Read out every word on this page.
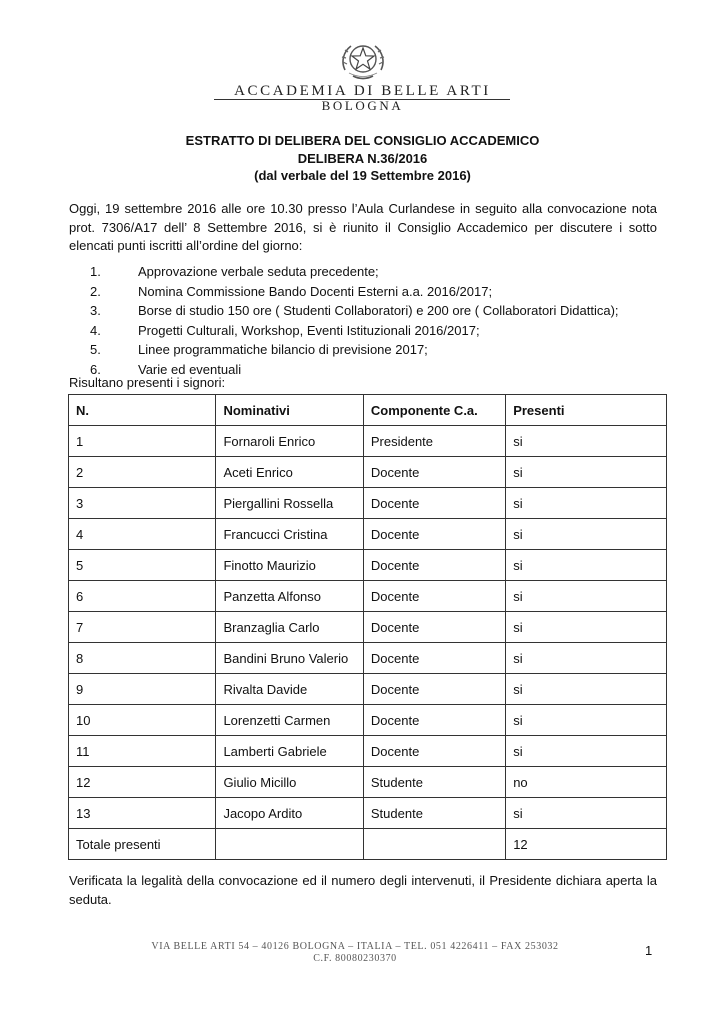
ACCADEMIA DI BELLE ARTI
BOLOGNA
ESTRATTO DI DELIBERA DEL CONSIGLIO ACCADEMICO
DELIBERA N.36/2016
(dal verbale del 19 Settembre 2016)
Oggi, 19 settembre 2016 alle ore 10.30 presso l’Aula Curlandese in seguito alla convocazione nota prot. 7306/A17 dell’ 8 Settembre 2016, si è riunito il Consiglio Accademico per discutere i sotto elencati punti iscritti all’ordine del giorno:
1.	Approvazione verbale seduta precedente;
2.	Nomina Commissione Bando Docenti Esterni a.a. 2016/2017;
3.	Borse di studio 150 ore ( Studenti Collaboratori) e 200 ore ( Collaboratori Didattica);
4.	Progetti Culturali, Workshop, Eventi Istituzionali 2016/2017;
5.	Linee programmatiche bilancio di previsione 2017;
6.	Varie ed eventuali
Risultano presenti i signori:
N.	Nominativi	Componente C.a.	Presenti
1	Fornaroli Enrico	Presidente	si
2	Aceti Enrico	Docente	si
3	Piergallini Rossella	Docente	si
4	Francucci Cristina	Docente	si
5	Finotto Maurizio	Docente	si
6	Panzetta Alfonso	Docente	si
7	Branzaglia Carlo	Docente	si
8	Bandini Bruno Valerio	Docente	si
9	Rivalta Davide	Docente	si
10	Lorenzetti Carmen	Docente	si
11	Lamberti Gabriele	Docente	si
12	Giulio Micillo	Studente	no
13	Jacopo Ardito	Studente	si
Totale presenti			12
Verificata la legalità della convocazione ed il numero degli intervenuti, il Presidente dichiara aperta la seduta.
VIA BELLE ARTI 54 – 40126 BOLOGNA – ITALIA – TEL. 051 4226411 – FAX 253032
C.F. 80080230370
1
